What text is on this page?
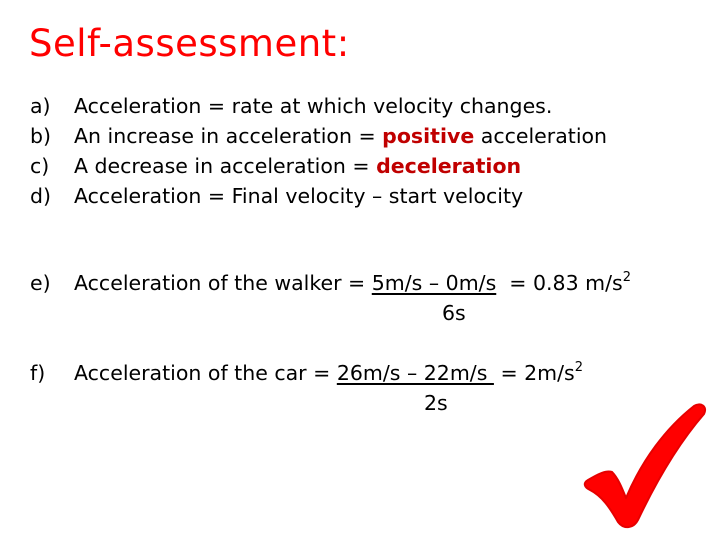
Self-assessment:
a)	Acceleration = rate at which velocity changes.
b)	An increase in acceleration = positive acceleration
c)	A decrease in acceleration = deceleration
d)	Acceleration = Final velocity – start velocity
e) Acceleration of the walker = 5m/s – 0m/s = 0.83 $m/s^2$
6s
f) Acceleration of the car = $26m/s - 22m/s = 2m/s^2$
2s
